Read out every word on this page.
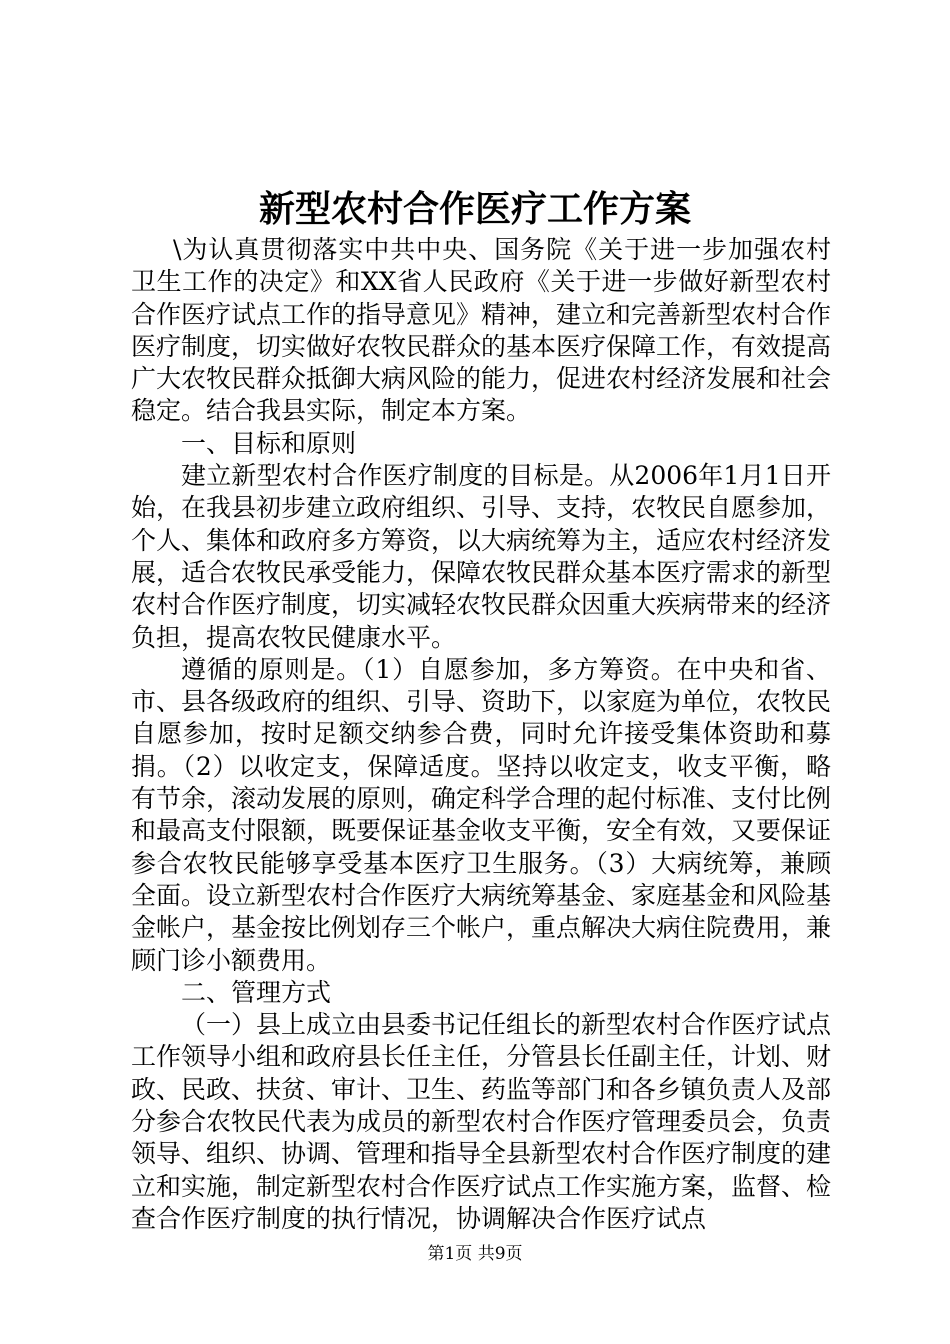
新型农村合作医疗工作方案

\为认真贯彻落实中共中央、国务院《关于进一步加强农村卫生工作的决定》和XX省人民政府《关于进一步做好新型农村合作医疗试点工作的指导意见》精神，建立和完善新型农村合作医疗制度，切实做好农牧民群众的基本医疗保障工作，有效提高广大农牧民群众抵御大病风险的能力，促进农村经济发展和社会稳定。结合我县实际，制定本方案。

一、目标和原则

建立新型农村合作医疗制度的目标是。从2006年1月1日开始，在我县初步建立政府组织、引导、支持，农牧民自愿参加，个人、集体和政府多方筹资，以大病统筹为主，适应农村经济发展，适合农牧民承受能力，保障农牧民群众基本医疗需求的新型农村合作医疗制度，切实减轻农牧民群众因重大疾病带来的经济负担，提高农牧民健康水平。

遵循的原则是。（1）自愿参加，多方筹资。在中央和省、市、县各级政府的组织、引导、资助下，以家庭为单位，农牧民自愿参加，按时足额交纳参合费，同时允许接受集体资助和募捐。（2）以收定支，保障适度。坚持以收定支，收支平衡，略有节余，滚动发展的原则，确定科学合理的起付标准、支付比例和最高支付限额，既要保证基金收支平衡，安全有效，又要保证参合农牧民能够享受基本医疗卫生服务。（3）大病统筹，兼顾全面。设立新型农村合作医疗大病统筹基金、家庭基金和风险基金帐户，基金按比例划存三个帐户，重点解决大病住院费用，兼顾门诊小额费用。

二、管理方式

（一）县上成立由县委书记任组长的新型农村合作医疗试点工作领导小组和政府县长任主任，分管县长任副主任，计划、财政、民政、扶贫、审计、卫生、药监等部门和各乡镇负责人及部分参合农牧民代表为成员的新型农村合作医疗管理委员会，负责领导、组织、协调、管理和指导全县新型农村合作医疗制度的建立和实施，制定新型农村合作医疗试点工作实施方案，监督、检查合作医疗制度的执行情况，协调解决合作医疗试点

第1页 共9页
